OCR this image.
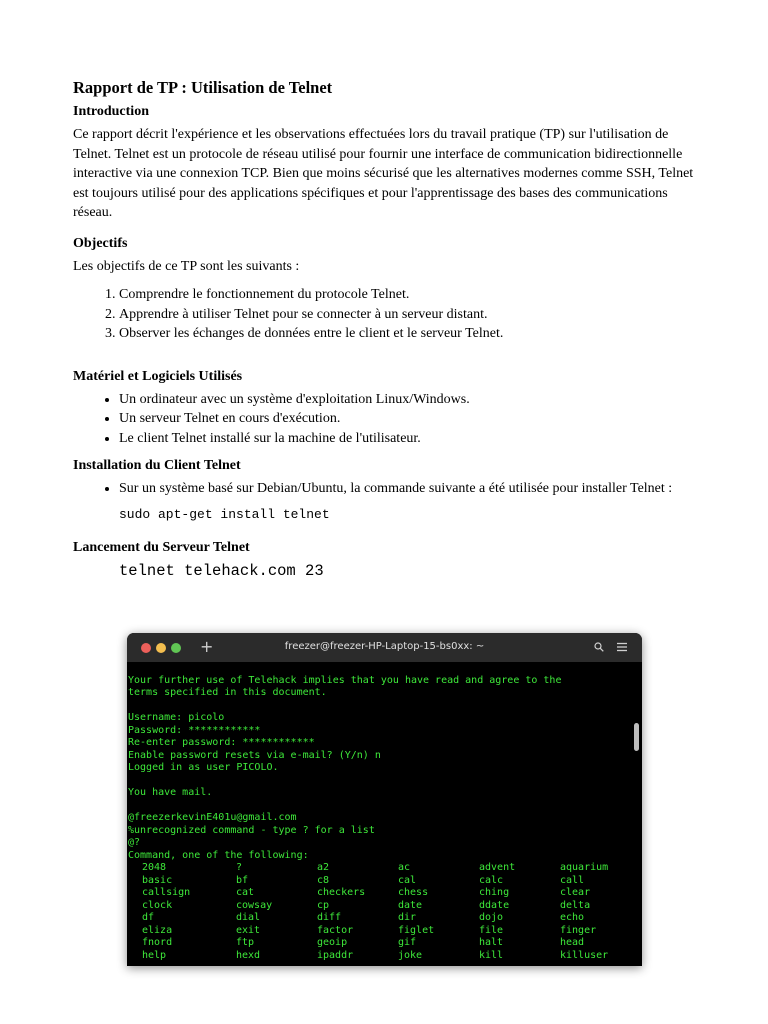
Rapport de TP : Utilisation de Telnet
Introduction

Ce rapport décrit l'expérience et les observations effectuées lors du travail pratique (TP) sur l'utilisation de Telnet. Telnet est un protocole de réseau utilisé pour fournir une interface de communication bidirectionnelle interactive via une connexion TCP. Bien que moins sécurisé que les alternatives modernes comme SSH, Telnet est toujours utilisé pour des applications spécifiques et pour l'apprentissage des bases des communications réseau.

Objectifs

Les objectifs de ce TP sont les suivants :

1. Comprendre le fonctionnement du protocole Telnet.
2. Apprendre à utiliser Telnet pour se connecter à un serveur distant.
3. Observer les échanges de données entre le client et le serveur Telnet.
Matériel et Logiciels Utilisés
• Un ordinateur avec un système d'exploitation Linux/Windows.
• Un serveur Telnet en cours d'exécution.
• Le client Telnet installé sur la machine de l'utilisateur.
Installation du Client Telnet
• Sur un système basé sur Debian/Ubuntu, la commande suivante a été utilisée pour installer Telnet :
sudo apt-get install telnet
Lancement du Serveur Telnet
telnet telehack.com 23
+	freezer@freezer-HP-Laptop-15-bs0xx: ~
Your further use of Telehack implies that you have read and agree to the
terms specified in this document.
Username: picolo
Password: ************
Re-enter password: ************
Enable password resets via e-mail? (Y/n) n
Logged in as user PICOLO.
You have mail.
@freezerkevinE401u@gmail.com
%unrecognized command - type ? for a list
@?
Command, one of the following:
2048	?	a2	ac	advent	aquarium
basic	bf	c8	cal	calc	call
callsign	cat	checkers	chess	ching	clear
clock	cowsay	cp	date	ddate	delta
df	dial	diff	dir	dojo	echo
eliza	exit	factor	figlet	file	finger
fnord	ftp	geoip	gif	halt	head
help	hexd	ipaddr	joke	kill	killuser
